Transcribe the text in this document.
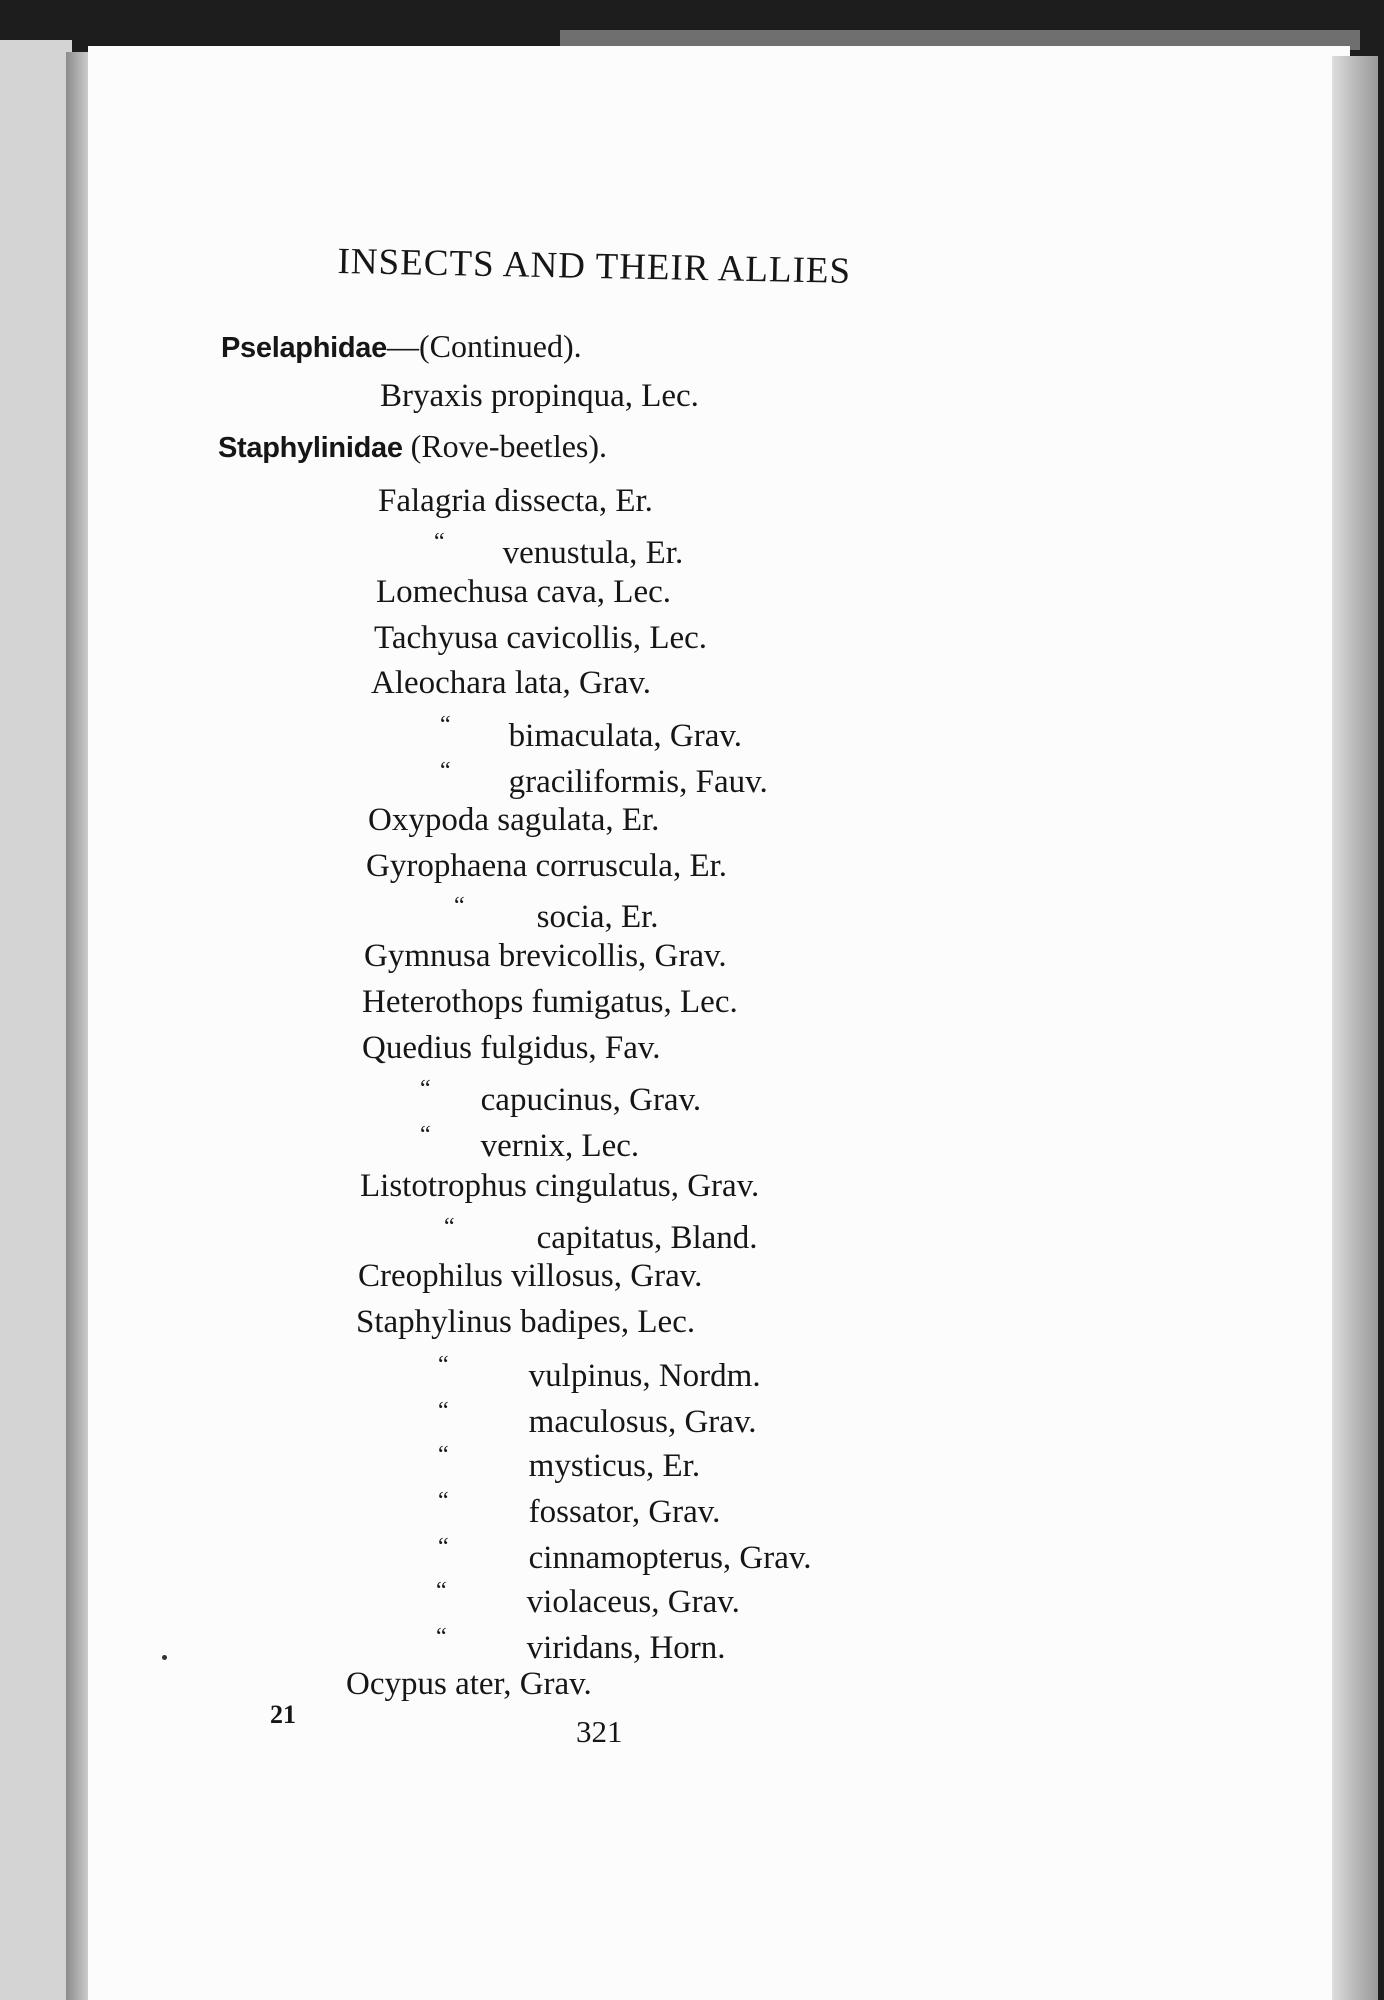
INSECTS AND THEIR ALLIES
Pselaphidae—(Continued).
Bryaxis propinqua, Lec.
Staphylinidae (Rove-beetles).
Falagria dissecta, Er.
“ venustula, Er.
Lomechusa cava, Lec.
Tachyusa cavicollis, Lec.
Aleochara lata, Grav.
“ bimaculata, Grav.
“ graciliformis, Fauv.
Oxypoda sagulata, Er.
Gyrophaena corruscula, Er.
“ socia, Er.
Gymnusa brevicollis, Grav.
Heterothops fumigatus, Lec.
Quedius fulgidus, Fav.
“ capucinus, Grav.
“ vernix, Lec.
Listotrophus cingulatus, Grav.
“ capitatus, Bland.
Creophilus villosus, Grav.
Staphylinus badipes, Lec.
“ vulpinus, Nordm.
“ maculosus, Grav.
“ mysticus, Er.
“ fossator, Grav.
“ cinnamopterus, Grav.
“ violaceus, Grav.
“ viridans, Horn.
Ocypus ater, Grav.
21	321
